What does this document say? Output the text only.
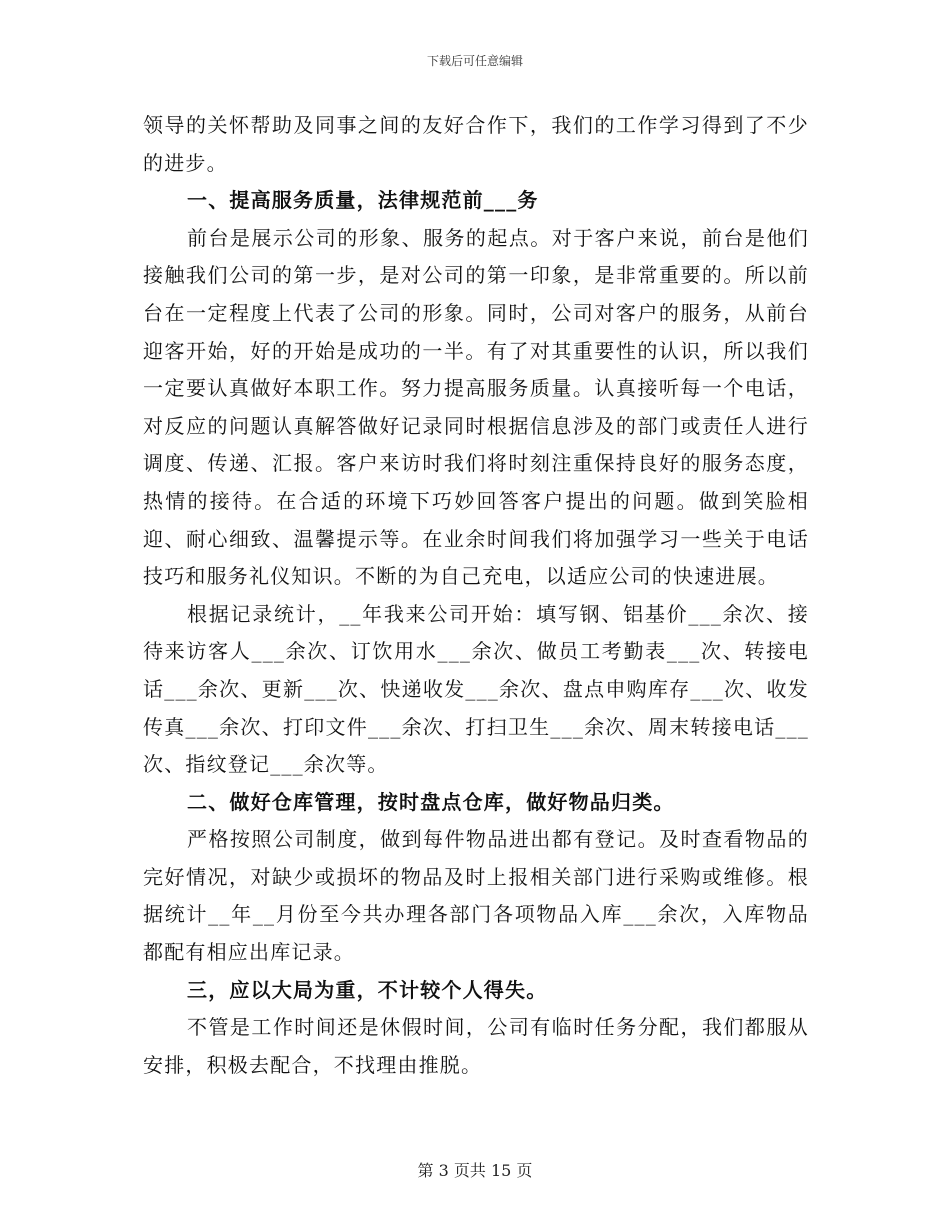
下载后可任意编辑

领导的关怀帮助及同事之间的友好合作下，我们的工作学习得到了不少的进步。

一、提高服务质量，法律规范前___务

前台是展示公司的形象、服务的起点。对于客户来说，前台是他们接触我们公司的第一步，是对公司的第一印象，是非常重要的。所以前台在一定程度上代表了公司的形象。同时，公司对客户的服务，从前台迎客开始，好的开始是成功的一半。有了对其重要性的认识，所以我们一定要认真做好本职工作。努力提高服务质量。认真接听每一个电话，对反应的问题认真解答做好记录同时根据信息涉及的部门或责任人进行调度、传递、汇报。客户来访时我们将时刻注重保持良好的服务态度，热情的接待。在合适的环境下巧妙回答客户提出的问题。做到笑脸相迎、耐心细致、温馨提示等。在业余时间我们将加强学习一些关于电话技巧和服务礼仪知识。不断的为自己充电，以适应公司的快速进展。

根据记录统计，__年我来公司开始：填写钢、铝基价___余次、接待来访客人___余次、订饮用水___余次、做员工考勤表___次、转接电话___余次、更新___次、快递收发___余次、盘点申购库存___次、收发传真___余次、打印文件___余次、打扫卫生___余次、周末转接电话___次、指纹登记___余次等。

二、做好仓库管理，按时盘点仓库，做好物品归类。

严格按照公司制度，做到每件物品进出都有登记。及时查看物品的完好情况，对缺少或损坏的物品及时上报相关部门进行采购或维修。根据统计__年__月份至今共办理各部门各项物品入库___余次，入库物品都配有相应出库记录。

三，应以大局为重，不计较个人得失。

不管是工作时间还是休假时间，公司有临时任务分配，我们都服从安排，积极去配合，不找理由推脱。

第 3 页共 15 页
